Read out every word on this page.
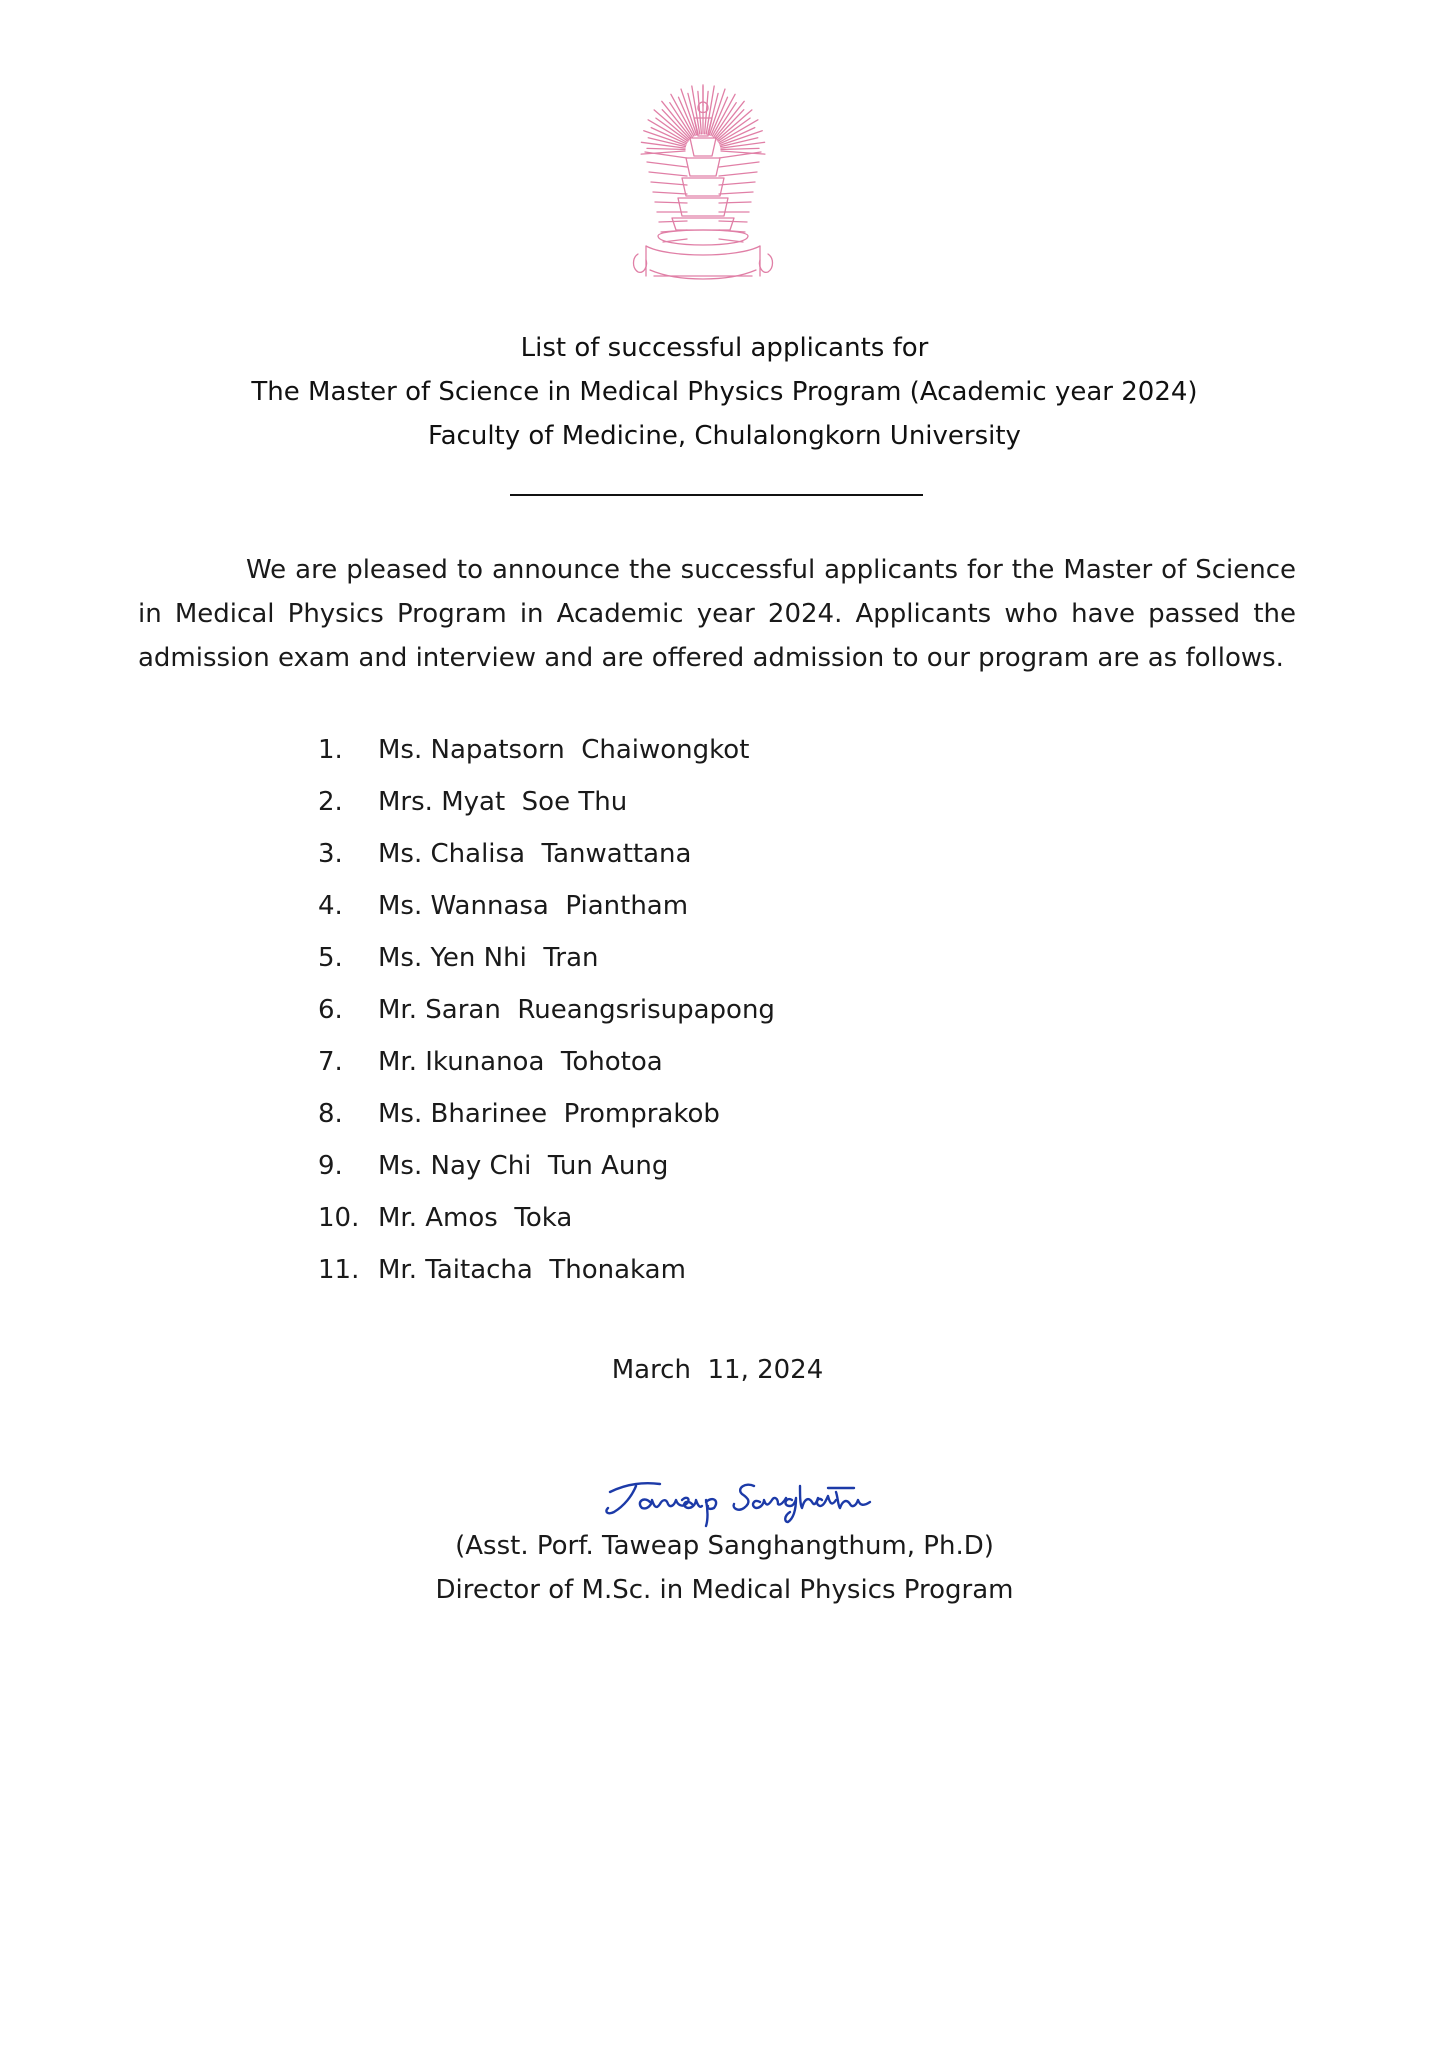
List of successful applicants for
The Master of Science in Medical Physics Program (Academic year 2024)
Faculty of Medicine, Chulalongkorn University

We are pleased to announce the successful applicants for the Master of Science in Medical Physics Program in Academic year 2024. Applicants who have passed the admission exam and interview and are offered admission to our program are as follows.

1.	Ms. Napatsorn  Chaiwongkot
2.	Mrs. Myat  Soe Thu
3.	Ms. Chalisa  Tanwattana
4.	Ms. Wannasa  Piantham
5.	Ms. Yen Nhi  Tran
6.	Mr. Saran  Rueangsrisupapong
7.	Mr. Ikunanoa  Tohotoa
8.	Ms. Bharinee  Promprakob
9.	Ms. Nay Chi  Tun Aung
10. Mr. Amos  Toka
11. Mr. Taitacha  Thonakam
March  11, 2024
(Asst. Porf. Taweap Sanghangthum, Ph.D)
Director of M.Sc. in Medical Physics Program
